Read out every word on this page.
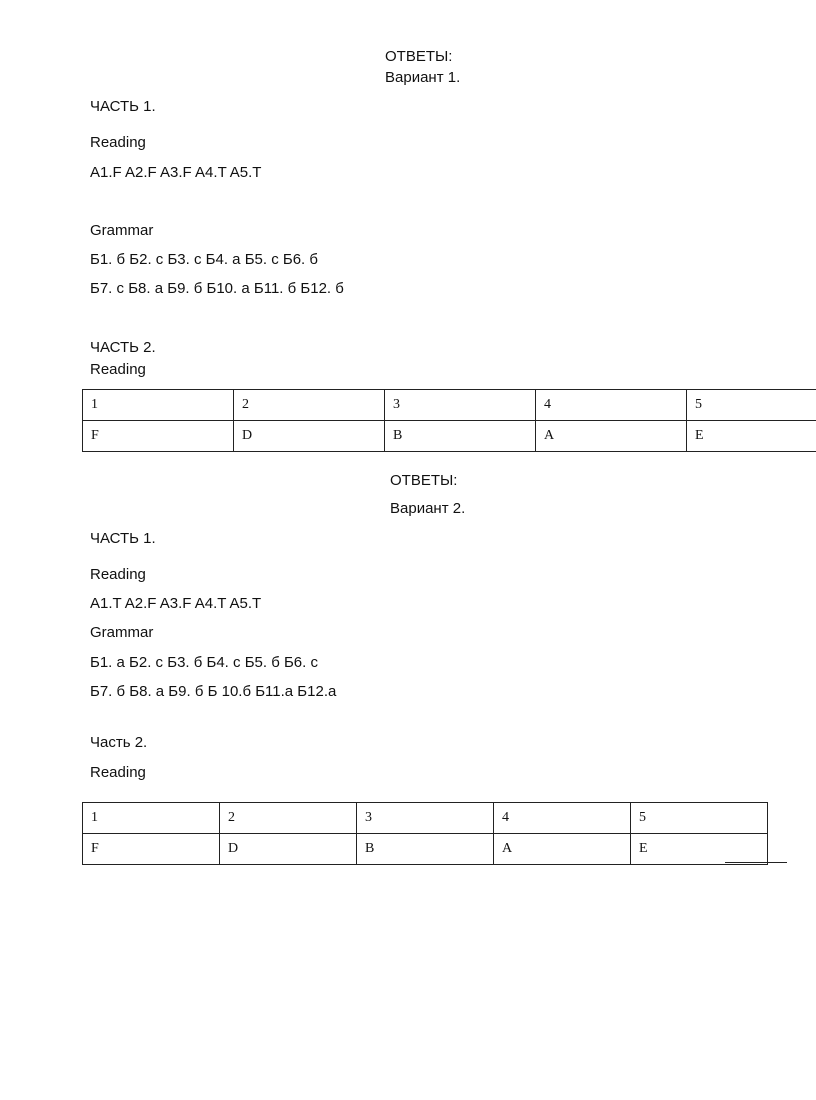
ОТВЕТЫ:
Вариант 1.
ЧАСТЬ 1.
Reading
A1.F A2.F A3.F A4.T A5.T
Grammar
Б1. б Б2. с Б3. с Б4. а Б5. с Б6. б
Б7. с Б8. а Б9. б Б10. а Б11. б Б12. б
ЧАСТЬ 2.
Reading
1	2	3	4	5
F	D	B	A	E
ОТВЕТЫ:
Вариант 2.
ЧАСТЬ 1.
Reading
A1.T A2.F A3.F A4.T A5.T
Grammar
Б1. а Б2. с Б3. б Б4. с Б5. б Б6. с
Б7. б Б8. а Б9. б Б 10.б Б11.а Б12.а
Часть 2.
Reading
1	2	3	4	5
F	D	B	A	E
